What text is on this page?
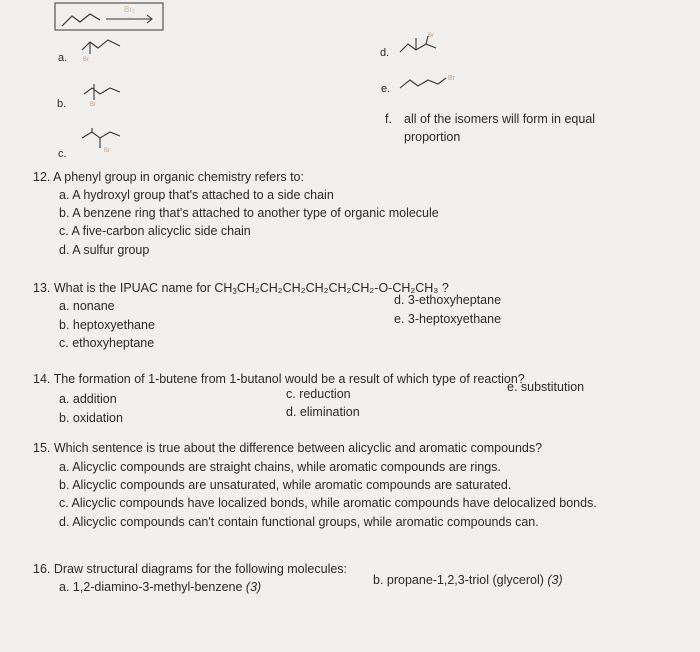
Br₂
◦
a.	Br
b.	Br
c.	Br
d.
Br
e.
Br
f. all of the isomers will form in equal
proportion
12. A phenyl group in organic chemistry refers to:
a. A hydroxyl group that's attached to a side chain
b. A benzene ring that's attached to another type of organic molecule
c. A five-carbon alicyclic side chain
d. A sulfur group
13. What is the IPUAC name for $CH_3CH_2CH_2CH_2CH_2CH_2CH_2-O$-CH₂CH₃ ?
a. nonane
b. heptoxyethane
c. ethoxyheptane
d. 3-ethoxyheptane
e. 3-heptoxyethane
14. The formation of 1-butene from 1-butanol would be a result of which type of reaction?
a. addition
b. oxidation
c. reduction
d. elimination
e. substitution
15. Which sentence is true about the difference between alicyclic and aromatic compounds?
a. Alicyclic compounds are straight chains, while aromatic compounds are rings.
b. Alicyclic compounds are unsaturated, while aromatic compounds are saturated.
c. Alicyclic compounds have localized bonds, while aromatic compounds have delocalized bonds.
d. Alicyclic compounds can't contain functional groups, while aromatic compounds can.
16. Draw structural diagrams for the following molecules:
a. 1,2-diamino-3-methyl-benzene (3)	b. propane-1,2,3-triol (glycerol) (3)
